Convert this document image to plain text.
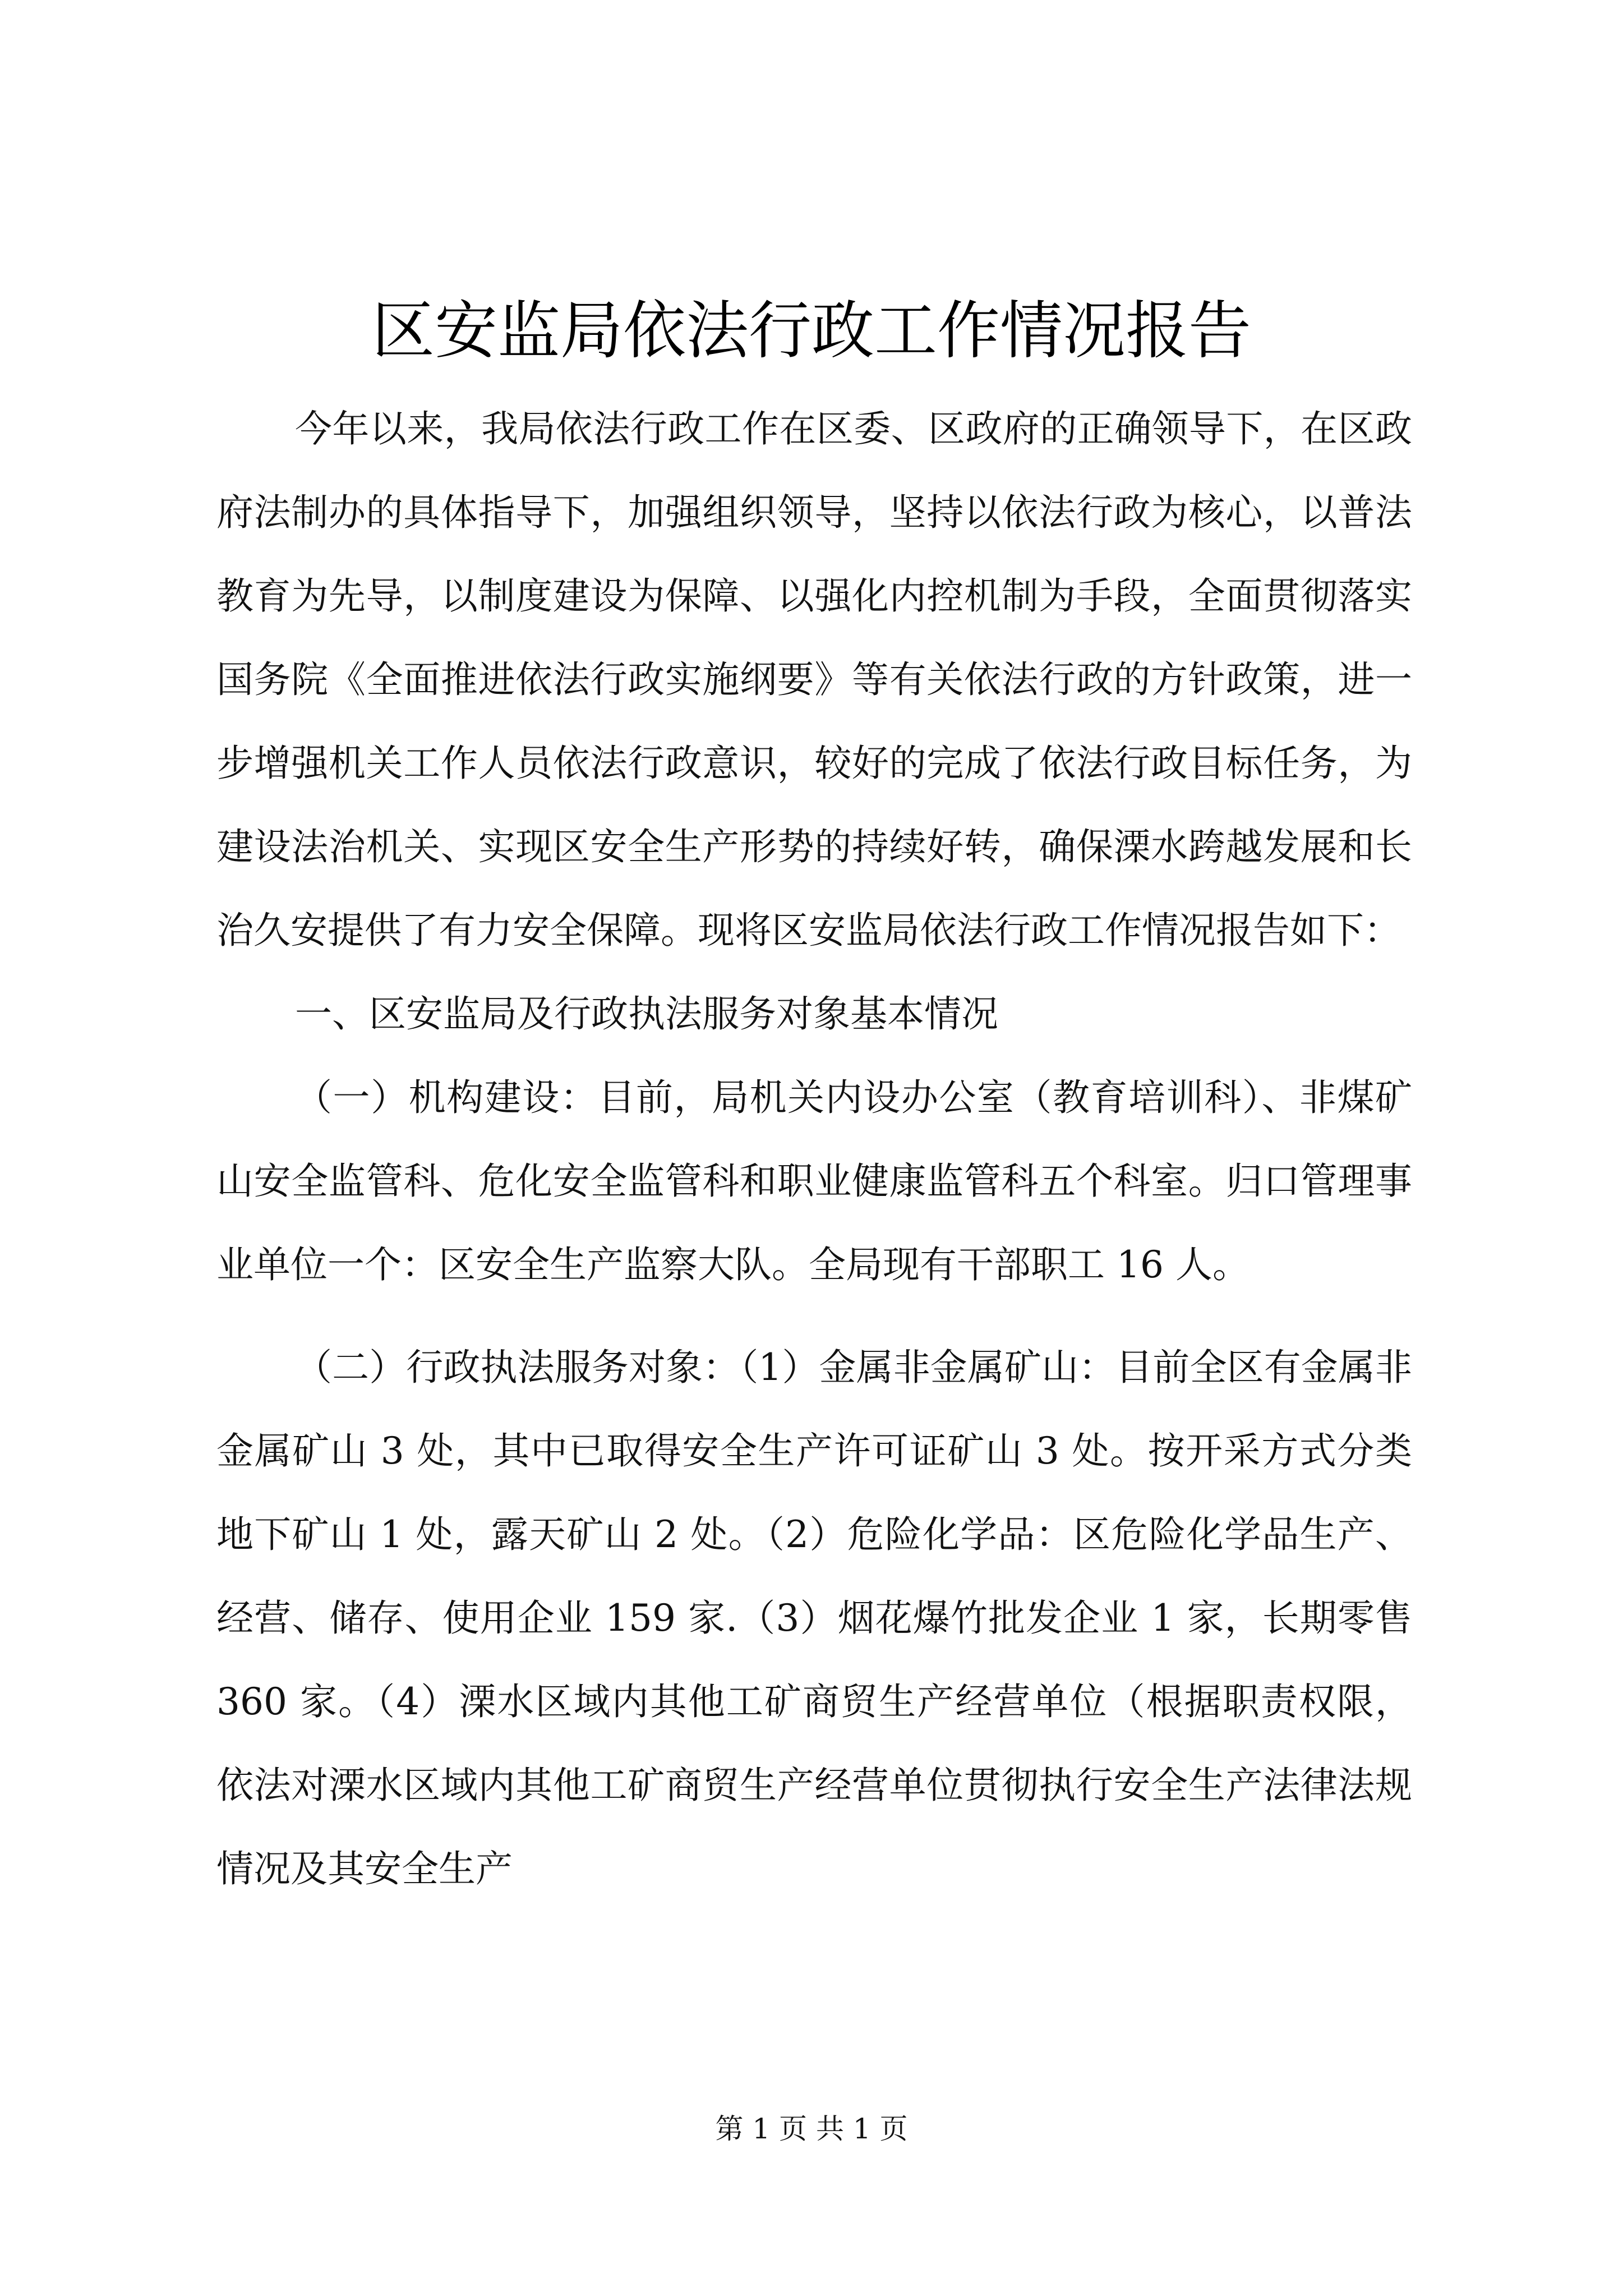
区安监局依法行政工作情况报告

今年以来，我局依法行政工作在区委、区政府的正确领导下，在区政府法制办的具体指导下，加强组织领导，坚持以依法行政为核心，以普法教育为先导，以制度建设为保障、以强化内控机制为手段，全面贯彻落实国务院《全面推进依法行政实施纲要》等有关依法行政的方针政策，进一步增强机关工作人员依法行政意识，较好的完成了依法行政目标任务，为建设法治机关、实现区安全生产形势的持续好转，确保溧水跨越发展和长治久安提供了有力安全保障。现将区安监局依法行政工作情况报告如下：

一、区安监局及行政执法服务对象基本情况

（一）机构建设：目前，局机关内设办公室（教育培训科）、非煤矿山安全监管科、危化安全监管科和职业健康监管科五个科室。归口管理事业单位一个：区安全生产监察大队。全局现有干部职工 16 人。

（二）行政执法服务对象：（1）金属非金属矿山：目前全区有金属非金属矿山 3 处，其中已取得安全生产许可证矿山 3 处。按开采方式分类地下矿山 1 处，露天矿山 2 处。（2）危险化学品：区危险化学品生产、经营、储存、使用企业 159 家.（3）烟花爆竹批发企业 1 家，长期零售 360 家。（4）溧水区域内其他工矿商贸生产经营单位（根据职责权限，依法对溧水区域内其他工矿商贸生产经营单位贯彻执行安全生产法律法规情况及其安全生产

第 1 页 共 1 页
